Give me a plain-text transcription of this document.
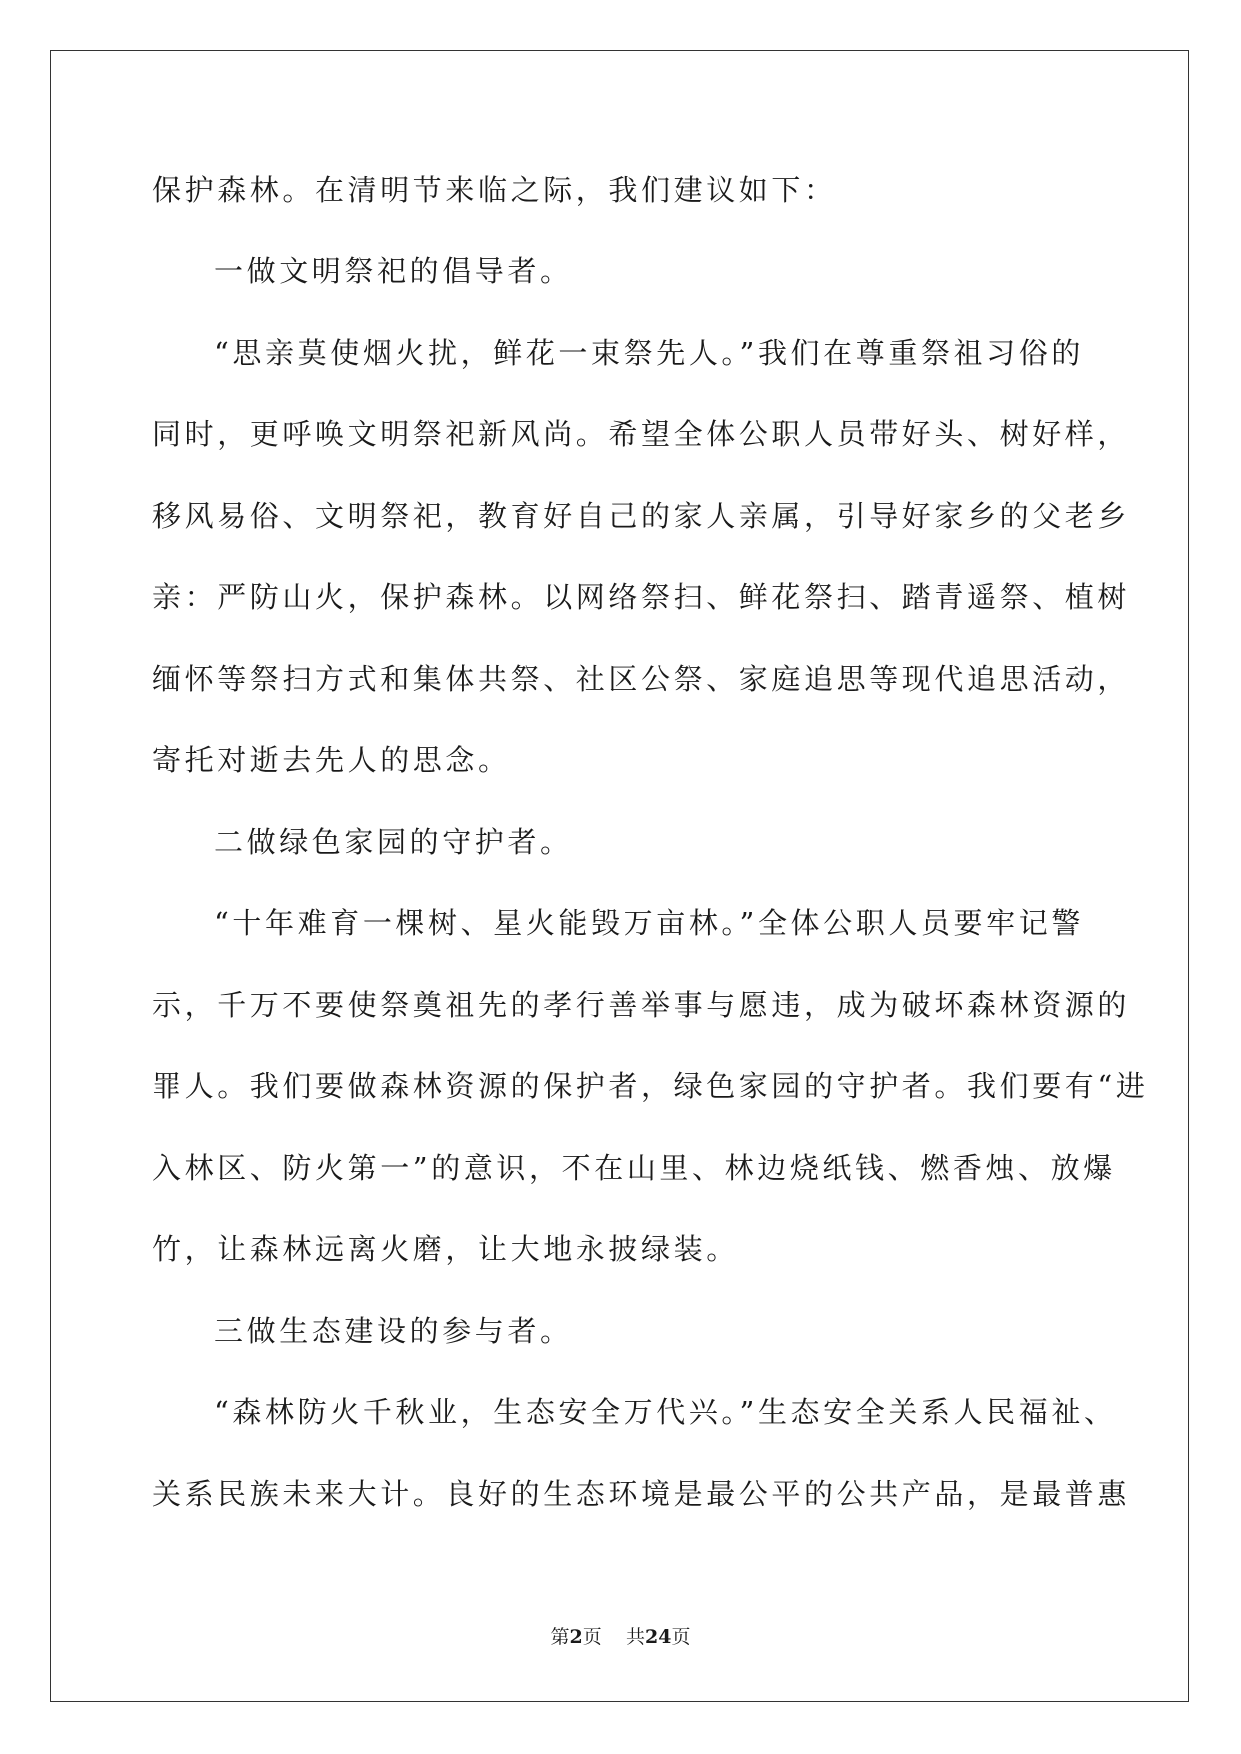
保护森林。在清明节来临之际，我们建议如下：
一做文明祭祀的倡导者。
“思亲莫使烟火扰，鲜花一束祭先人。”我们在尊重祭祖习俗的
同时，更呼唤文明祭祀新风尚。希望全体公职人员带好头、树好样，
移风易俗、文明祭祀，教育好自己的家人亲属，引导好家乡的父老乡
亲：严防山火，保护森林。以网络祭扫、鲜花祭扫、踏青遥祭、植树
缅怀等祭扫方式和集体共祭、社区公祭、家庭追思等现代追思活动，
寄托对逝去先人的思念。
二做绿色家园的守护者。
“十年难育一棵树、星火能毁万亩林。”全体公职人员要牢记警
示，千万不要使祭奠祖先的孝行善举事与愿违，成为破坏森林资源的
罪人。我们要做森林资源的保护者，绿色家园的守护者。我们要有“进
入林区、防火第一”的意识，不在山里、林边烧纸钱、燃香烛、放爆
竹，让森林远离火磨，让大地永披绿装。
三做生态建设的参与者。
“森林防火千秋业，生态安全万代兴。”生态安全关系人民福祉、
关系民族未来大计。良好的生态环境是最公平的公共产品，是最普惠
第2页 共24页
